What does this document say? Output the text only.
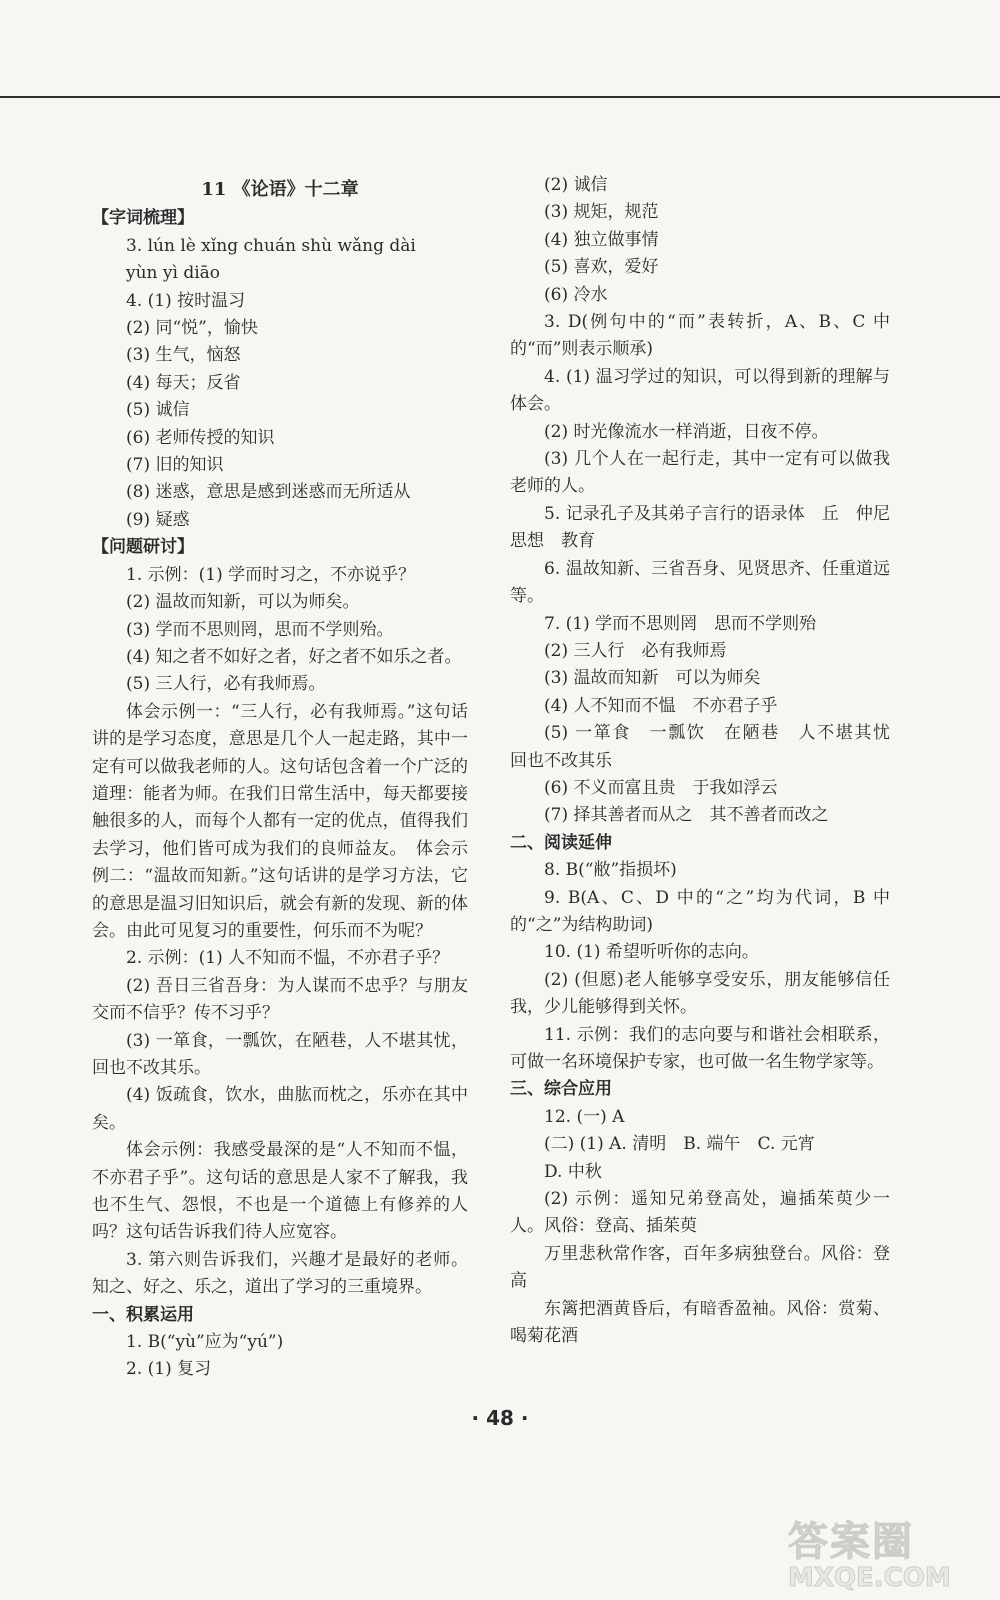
11 《论语》十二章
【字词梳理】
3. lún lè xǐng chuán shù wǎng dài
yùn yì diāo
4. (1) 按时温习
(2) 同“悦”，愉快
(3) 生气，恼怒
(4) 每天；反省
(5) 诚信
(6) 老师传授的知识
(7) 旧的知识
(8) 迷惑，意思是感到迷惑而无所适从
(9) 疑惑
【问题研讨】
1. 示例：(1) 学而时习之，不亦说乎？
(2) 温故而知新，可以为师矣。
(3) 学而不思则罔，思而不学则殆。
(4) 知之者不如好之者，好之者不如乐之者。
(5) 三人行，必有我师焉。
体会示例一：“三人行，必有我师焉。”这句话讲的是学习态度，意思是几个人一起走路，其中一定有可以做我老师的人。这句话包含着一个广泛的道理：能者为师。在我们日常生活中，每天都要接触很多的人，而每个人都有一定的优点，值得我们去学习，他们皆可成为我们的良师益友。　体会示例二：“温故而知新。”这句话讲的是学习方法，它的意思是温习旧知识后，就会有新的发现、新的体会。由此可见复习的重要性，何乐而不为呢？
2. 示例：(1) 人不知而不愠，不亦君子乎？
(2) 吾日三省吾身：为人谋而不忠乎？与朋友交而不信乎？传不习乎？
(3) 一箪食，一瓢饮，在陋巷，人不堪其忧，回也不改其乐。
(4) 饭疏食，饮水，曲肱而枕之，乐亦在其中矣。
体会示例：我感受最深的是“人不知而不愠，不亦君子乎”。这句话的意思是人家不了解我，我也不生气、怨恨，不也是一个道德上有修养的人吗？这句话告诉我们待人应宽容。
3. 第六则告诉我们，兴趣才是最好的老师。知之、好之、乐之，道出了学习的三重境界。
一、积累运用
1. B(“yù”应为“yú”)
2. (1) 复习
(2) 诚信
(3) 规矩，规范
(4) 独立做事情
(5) 喜欢，爱好
(6) 冷水
3. D(例句中的“而”表转折，A、B、C 中的“而”则表示顺承)
4. (1) 温习学过的知识，可以得到新的理解与体会。
(2) 时光像流水一样消逝，日夜不停。
(3) 几个人在一起行走，其中一定有可以做我老师的人。
5. 记录孔子及其弟子言行的语录体　丘　仲尼　思想　教育
6. 温故知新、三省吾身、见贤思齐、任重道远等。
7. (1) 学而不思则罔　思而不学则殆
(2) 三人行　必有我师焉
(3) 温故而知新　可以为师矣
(4) 人不知而不愠　不亦君子乎
(5) 一箪食　一瓢饮　在陋巷　人不堪其忧　回也不改其乐
(6) 不义而富且贵　于我如浮云
(7) 择其善者而从之　其不善者而改之
二、阅读延伸
8. B(“敝”指损坏)
9. B(A、C、D 中的“之”均为代词，B 中的“之”为结构助词)
10. (1) 希望听听你的志向。
(2) (但愿)老人能够享受安乐，朋友能够信任我，少儿能够得到关怀。
11. 示例：我们的志向要与和谐社会相联系，可做一名环境保护专家，也可做一名生物学家等。
三、综合应用
12. (一) A
(二) (1) A. 清明　B. 端午　C. 元宵
D. 中秋
(2) 示例：遥知兄弟登高处，遍插茱萸少一人。风俗：登高、插茱萸
万里悲秋常作客，百年多病独登台。风俗：登高
东篱把酒黄昏后，有暗香盈袖。风俗：赏菊、喝菊花酒
· 48 ·
答案圈
MXQE.COM
